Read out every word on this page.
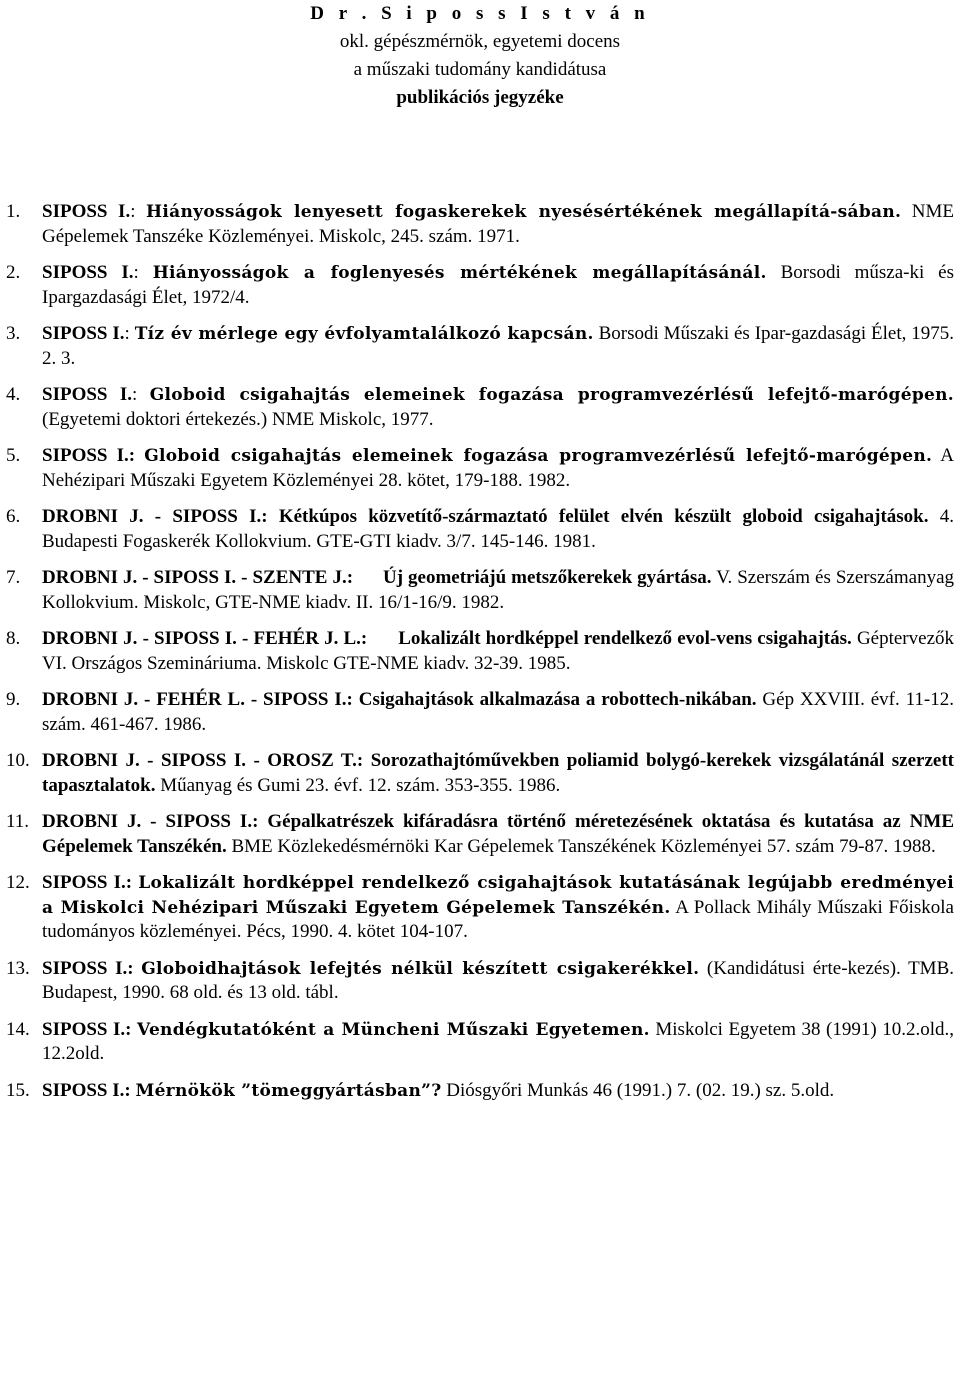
D r . S i p o s s I s t v á n
okl. gépészmérnök, egyetemi docens
a műszaki tudomány kandidátusa
publikációs jegyzéke
1.	SIPOSS I.: Hiányosságok lenyesett fogaskerekek nyesésértékének megállapítá-sában. NME Gépelemek Tanszéke Közleményei. Miskolc, 245. szám. 1971.
2.	SIPOSS I.: Hiányosságok a foglenyesés mértékének megállapításánál. Borsodi műsza-ki és Ipargazdasági Élet, 1972/4.
3.	SIPOSS I.: Tíz év mérlege egy évfolyamtalálkozó kapcsán. Borsodi Műszaki és Ipar-gazdasági Élet, 1975. 2. 3.
4.	SIPOSS I.: Globoid csigahajtás elemeinek fogazása programvezérlésű lefejtő-marógépen. (Egyetemi doktori értekezés.) NME Miskolc, 1977.
5.	SIPOSS I.: Globoid csigahajtás elemeinek fogazása programvezérlésű lefejtő-marógépen. A Nehézipari Műszaki Egyetem Közleményei 28. kötet, 179-188. 1982.
6.	DROBNI J. - SIPOSS I.: Kétkúpos közvetítő-származtató felület elvén készült globoid csigahajtások. 4. Budapesti Fogaskerék Kollokvium. GTE-GTI kiadv. 3/7. 145-146. 1981.
7.	DROBNI J. - SIPOSS I. - SZENTE J.: Új geometriájú metszőkerekek gyártása. V. Szerszám és Szerszámanyag Kollokvium. Miskolc, GTE-NME kiadv. II. 16/1-16/9. 1982.
8.	DROBNI J. - SIPOSS I. - FEHÉR J. L.: Lokalizált hordképpel rendelkező evol-vens csigahajtás. Géptervezők VI. Országos Szemináriuma. Miskolc GTE-NME kiadv. 32-39. 1985.
9.	DROBNI J. - FEHÉR L. - SIPOSS I.: Csigahajtások alkalmazása a robottech-nikában. Gép XXVIII. évf. 11-12. szám. 461-467. 1986.
10. DROBNI J. - SIPOSS I. - OROSZ T.: Sorozathajtóművekben poliamid bolygó-kerekek vizsgálatánál szerzett tapasztalatok. Műanyag és Gumi 23. évf. 12. szám. 353-355. 1986.
11. DROBNI J. - SIPOSS I.: Gépalkatrészek kifáradásra történő méretezésének oktatása és kutatása az NME Gépelemek Tanszékén. BME Közlekedésmérnöki Kar Gépelemek Tanszékének Közleményei 57. szám 79-87. 1988.
12. SIPOSS I.: Lokalizált hordképpel rendelkező csigahajtások kutatásának legújabb eredményei a Miskolci Nehézipari Műszaki Egyetem Gépelemek Tanszékén. A Pollack Mihály Műszaki Főiskola tudományos közleményei. Pécs, 1990. 4. kötet 104-107.
13. SIPOSS I.: Globoidhajtások lefejtés nélkül készített csigakerékkel. (Kandidátusi érte-kezés). TMB. Budapest, 1990. 68 old. és 13 old. tábl.
14. SIPOSS I.: Vendégkutatóként a Müncheni Műszaki Egyetemen. Miskolci Egyetem 38 (1991) 10.2.old., 12.2old.
15. SIPOSS I.: Mérnökök ”tömeggyártásban”? Diósgyőri Munkás 46 (1991.) 7. (02. 19.) sz. 5.old.
